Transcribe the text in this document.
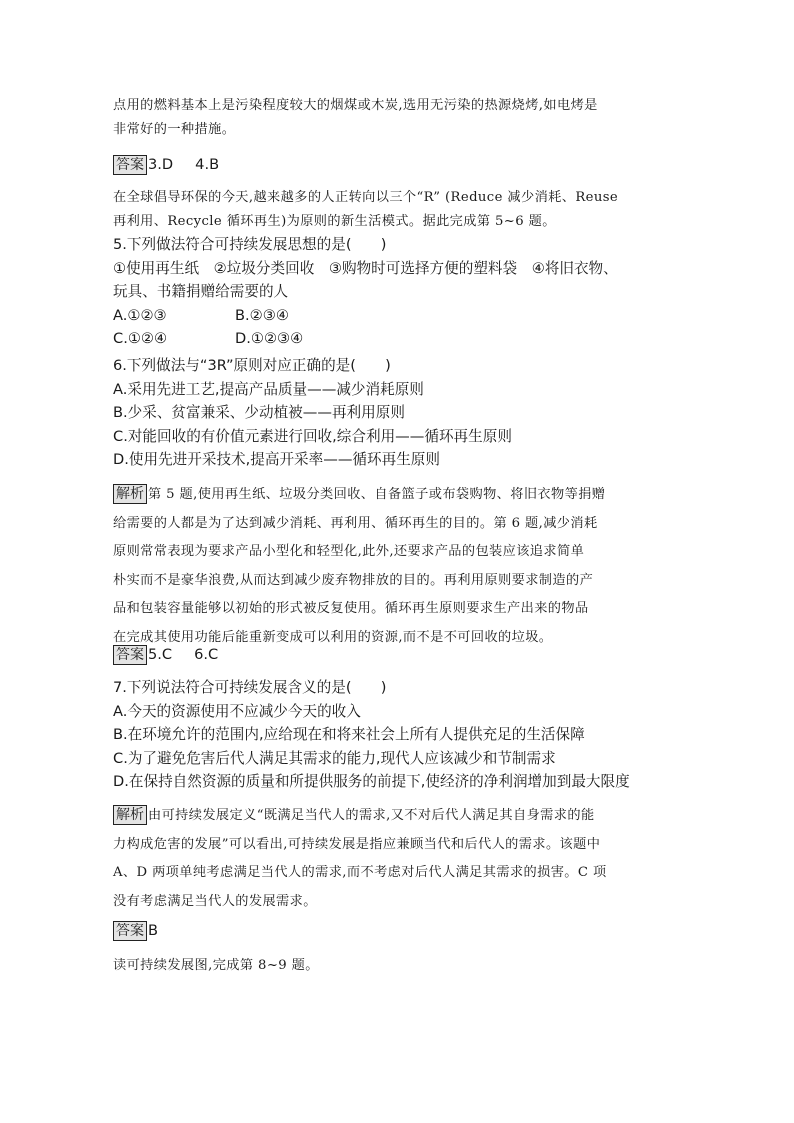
点用的燃料基本上是污染程度较大的烟煤或木炭,选用无污染的热源烧烤,如电烤是
非常好的一种措施。
答案 3.D 4.B
在全球倡导环保的今天,越来越多的人正转向以三个“R” (Reduce 减少消耗、Reuse
再利用、Recycle 循环再生)为原则的新生活模式。据此完成第 5~6 题。
5.下列做法符合可持续发展思想的是(　　)
①使用再生纸　②垃圾分类回收　③购物时可选择方便的塑料袋　④将旧衣物、
玩具、书籍捐赠给需要的人
A.①②③	B.②③④
C.①②④	D.①②③④
6.下列做法与“3R”原则对应正确的是(　　)
A.采用先进工艺,提高产品质量——减少消耗原则
B.少采、贫富兼采、少动植被——再利用原则
C.对能回收的有价值元素进行回收,综合利用——循环再生原则
D.使用先进开采技术,提高开采率——循环再生原则
解析 第 5 题,使用再生纸、垃圾分类回收、自备篮子或布袋购物、将旧衣物等捐赠
给需要的人都是为了达到减少消耗、再利用、循环再生的目的。第 6 题,减少消耗
原则常常表现为要求产品小型化和轻型化,此外,还要求产品的包装应该追求简单
朴实而不是豪华浪费,从而达到减少废弃物排放的目的。再利用原则要求制造的产
品和包装容量能够以初始的形式被反复使用。循环再生原则要求生产出来的物品
在完成其使用功能后能重新变成可以利用的资源,而不是不可回收的垃圾。
答案 5.C 6.C
7.下列说法符合可持续发展含义的是(　　)
A.今天的资源使用不应减少今天的收入
B.在环境允许的范围内,应给现在和将来社会上所有人提供充足的生活保障
C.为了避免危害后代人满足其需求的能力,现代人应该减少和节制需求
D.在保持自然资源的质量和所提供服务的前提下,使经济的净利润增加到最大限度
解析 由可持续发展定义“既满足当代人的需求,又不对后代人满足其自身需求的能
力构成危害的发展”可以看出,可持续发展是指应兼顾当代和后代人的需求。该题中
A、D 两项单纯考虑满足当代人的需求,而不考虑对后代人满足其需求的损害。C 项
没有考虑满足当代人的发展需求。
答案 B
读可持续发展图,完成第 8~9 题。
